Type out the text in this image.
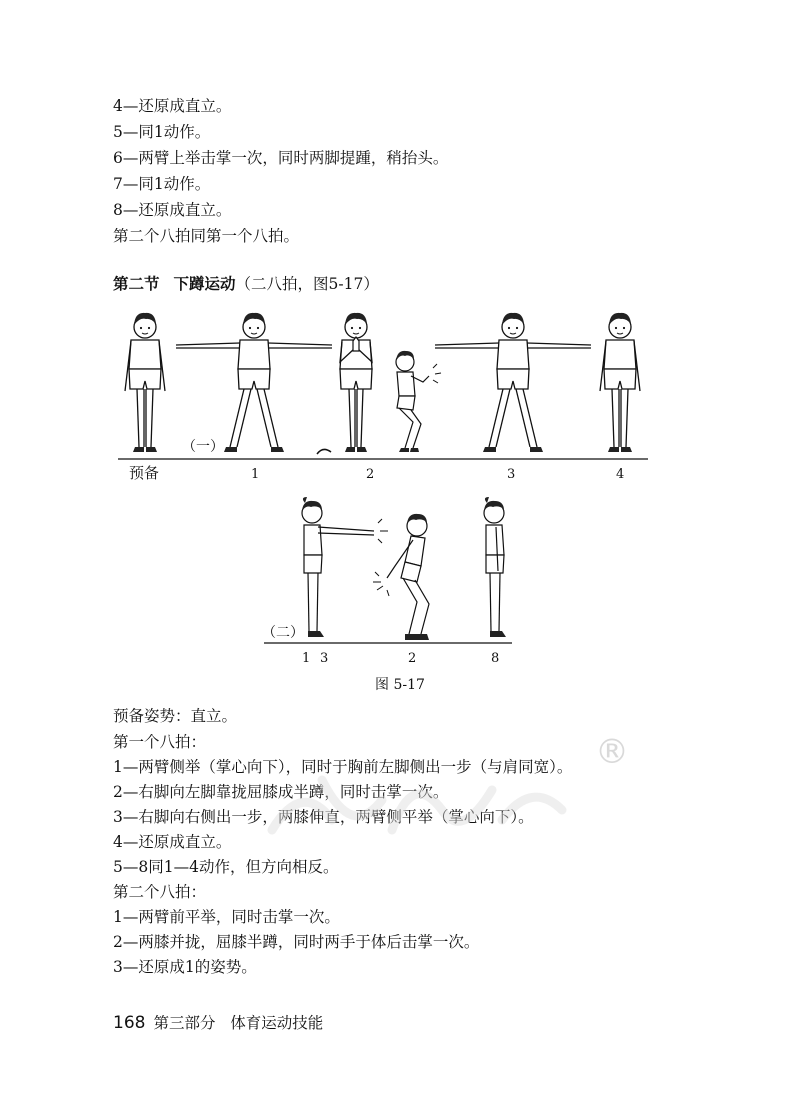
4—还原成直立。
5—同1动作。
6—两臂上举击掌一次，同时两脚提踵，稍抬头。
7—同1动作。
8—还原成直立。
第二个八拍同第一个八拍。
第二节 下蹲运动（二八拍，图5-17）
（一）
预备	1	2	3	4
（二）
1 3	2	8
图 5-17
预备姿势：直立。
第一个八拍：
1—两臂侧举（掌心向下），同时于胸前左脚侧出一步（与肩同宽）。
2—右脚向左脚靠拢屈膝成半蹲，同时击掌一次。
3—右脚向右侧出一步，两膝伸直，两臂侧平举（掌心向下）。
4—还原成直立。
5—8同1—4动作，但方向相反。
第二个八拍：
1—两臂前平举，同时击掌一次。
2—两膝并拢，屈膝半蹲，同时两手于体后击掌一次。
3—还原成1的姿势。
®
168 第三部分 体育运动技能
